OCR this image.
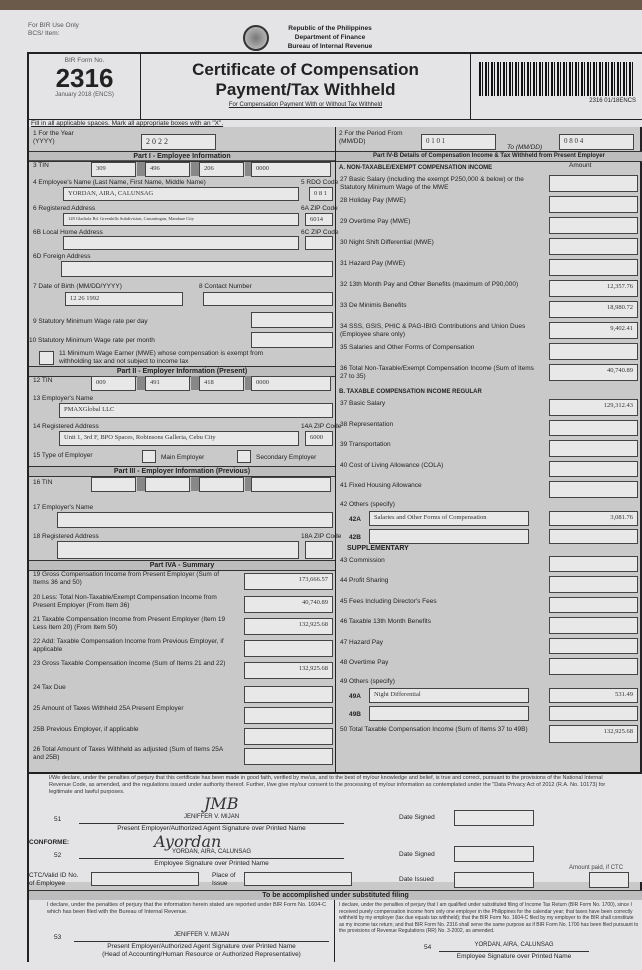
For BIR Use Only
BCS/ Item:
Republic of the Philippines
Department of Finance
Bureau of Internal Revenue
BIR Form No.
2316
January 2018 (ENCS)
Certificate of Compensation
Payment/Tax Withheld
For Compensation Payment With or Without Tax Withheld
2316 01/18ENCS
Fill in all applicable spaces. Mark all appropriate boxes with an "X".
1 For the Year (YYYY)	2 0 2 2
2 For the Period From (MM/DD)	0 1 0 1
To (MM/DD)
0 8 0 4
I/We declare, under the penalties of perjury that this certificate has been made in good faith, verified by me/us, and to the best of my/our knowledge and belief, is true and correct, pursuant to the provisions of the National Internal Revenue Code, as amended, and the regulations issued under authority thereof. Further, I/we give my/our consent to the processing of my/our information as contemplated under the "Data Privacy Act of 2012 (R.A. No. 10173) for legitimate and lawful purposes.
51
JMB
JENIFFER V. MIJAN
Present Employer/Authorized Agent Signature over Printed Name
Date Signed
CONFORME:
52
Ayordan
YORDAN, AIRA, CALUNSAG
Employee Signature over Printed Name
Date Signed
Amount paid, if CTC
CTC/Valid ID No. of Employee
Place of Issue
Date Issued
To be accomplished under substituted filing
I declare, under the penalties of perjury that the information herein stated are reported under BIR Form No. 1604-C which has been filed with the Bureau of Internal Revenue.
I declare, under the penalties of perjury that I am qualified under substituted filing of Income Tax Return (BIR Form No. 1700), since I received purely compensation income from only one employer in the Philippines for the calendar year; that taxes have been correctly withheld by my employer (tax due equals tax withheld); that the BIR Form No. 1604-C filed by my employer to the BIR shall constitute as my income tax return; and that BIR Form No. 2316 shall serve the same purpose as if BIR Form No. 1700 has been filed pursuant to the provisions of Revenue Regulations (RR) No. 3-2002, as amended.
53	JENIFFER V. MIJAN
Present Employer/Authorized Agent Signature over Printed Name
(Head of Accounting/Human Resource or Authorized Representative)
54	YORDAN, AIRA, CALUNSAG
Employee Signature over Printed Name
Part I - Employee Information
3 TIN	309	496	206	0000
4 Employee's Name (Last Name, First Name, Middle Name)
YORDAN, AIRA, CALUNSAG
5 RDO Code
0 8 1
6 Registered Address
128 Gladiola Rd. Greenhills Subdivision, Casuntingan, Mandaue City
6A ZIP Code
6014
6B Local Home Address	6C ZIP Code
6D Foreign Address
7 Date of Birth (MM/DD/YYYY)
12 26 1992
8 Contact Number
9 Statutory Minimum Wage rate per day
10 Statutory Minimum Wage rate per month
11 Minimum Wage Earner (MWE) whose compensation is exempt from withholding tax and not subject to income tax
Part II - Employer Information (Present)
12 TIN	009	491	418	0000
13 Employer's Name
PMAXGlobal LLC
14 Registered Address
Unit 1, 3rd F, BPO Spaces, Robinsons Galleria, Cebu City
14A ZIP Code
6000
15 Type of Employer	Main Employer	Secondary Employer
Part III - Employer Information (Previous)
16 TIN
17 Employer's Name
18 Registered Address	18A ZIP Code
Part IVA - Summary
19 Gross Compensation Income from Present Employer (Sum of Items 36 and 50)	173,666.57
20 Less: Total Non-Taxable/Exempt Compensation Income from Present Employer (From Item 36)	40,740.89
21 Taxable Compensation Income from Present Employer (Item 19 Less Item 20) (From Item 50)	132,925.68
22 Add: Taxable Compensation Income from Previous Employer, if applicable
23 Gross Taxable Compensation Income (Sum of Items 21 and 22)
132,925.68
24 Tax Due
25 Amount of Taxes Withheld 25A Present Employer
25B Previous Employer, if applicable
26 Total Amount of Taxes Withheld as adjusted (Sum of Items 25A and 25B)
Part IV-B Details of Compensation Income & Tax Withheld from Present Employer
A. NON-TAXABLE/EXEMPT COMPENSATION INCOME	Amount
27 Basic Salary (including the exempt P250,000 & below) or the Statutory Minimum Wage of the MWE
28 Holiday Pay (MWE)
29 Overtime Pay (MWE)
30 Night Shift Differential (MWE)
31 Hazard Pay (MWE)
32 13th Month Pay and Other Benefits (maximum of P90,000)	12,357.76
33 De Minimis Benefits	18,980.72
34 SSS, GSIS, PHIC & PAG-IBIG Contributions and Union Dues (Employee share only)
9,402.41
35 Salaries and Other Forms of Compensation
36 Total Non-Taxable/Exempt Compensation Income (Sum of Items 27 to 35)
40,740.89
B. TAXABLE COMPENSATION INCOME REGULAR
37 Basic Salary	129,312.43
38 Representation
39 Transportation
40 Cost of Living Allowance (COLA)
41 Fixed Housing Allowance
42 Others (specify)
42A	Salaries and Other Forms of Compensation	3,081.76
42B
SUPPLEMENTARY
43 Commission
44 Profit Sharing
45 Fees Including Director's Fees
46 Taxable 13th Month Benefits
47 Hazard Pay
48 Overtime Pay
49 Others (specify)
49A	Night Differential	531.49
49B
50 Total Taxable Compensation Income (Sum of Items 37 to 49B)	132,925.68
